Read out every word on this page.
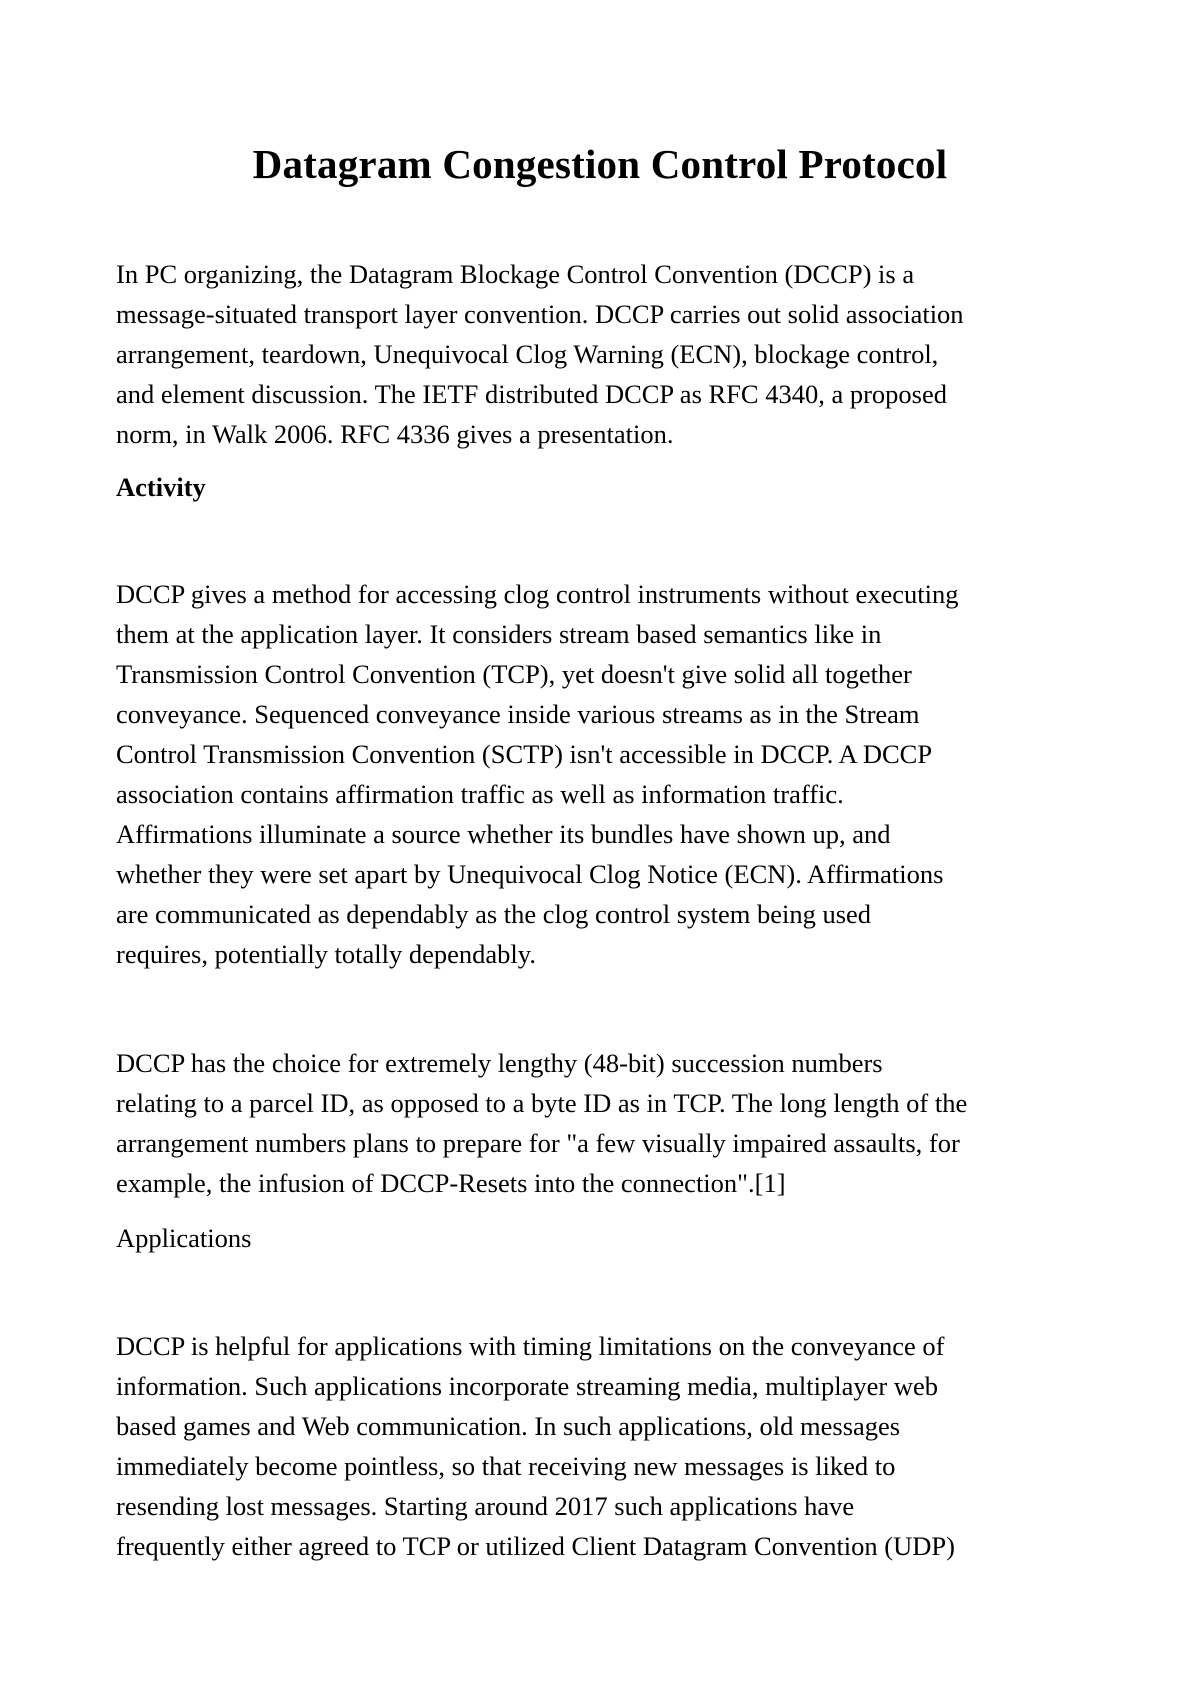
Datagram Congestion Control Protocol

In PC organizing, the Datagram Blockage Control Convention (DCCP) is a
message-situated transport layer convention. DCCP carries out solid association
arrangement, teardown, Unequivocal Clog Warning (ECN), blockage control,
and element discussion. The IETF distributed DCCP as RFC 4340, a proposed
norm, in Walk 2006. RFC 4336 gives a presentation.

Activity

DCCP gives a method for accessing clog control instruments without executing
them at the application layer. It considers stream based semantics like in
Transmission Control Convention (TCP), yet doesn't give solid all together
conveyance. Sequenced conveyance inside various streams as in the Stream
Control Transmission Convention (SCTP) isn't accessible in DCCP. A DCCP
association contains affirmation traffic as well as information traffic.
Affirmations illuminate a source whether its bundles have shown up, and
whether they were set apart by Unequivocal Clog Notice (ECN). Affirmations
are communicated as dependably as the clog control system being used
requires, potentially totally dependably.

DCCP has the choice for extremely lengthy (48-bit) succession numbers
relating to a parcel ID, as opposed to a byte ID as in TCP. The long length of the
arrangement numbers plans to prepare for "a few visually impaired assaults, for
example, the infusion of DCCP-Resets into the connection".[1]

Applications

DCCP is helpful for applications with timing limitations on the conveyance of
information. Such applications incorporate streaming media, multiplayer web
based games and Web communication. In such applications, old messages
immediately become pointless, so that receiving new messages is liked to
resending lost messages. Starting around 2017 such applications have
frequently either agreed to TCP or utilized Client Datagram Convention (UDP)
